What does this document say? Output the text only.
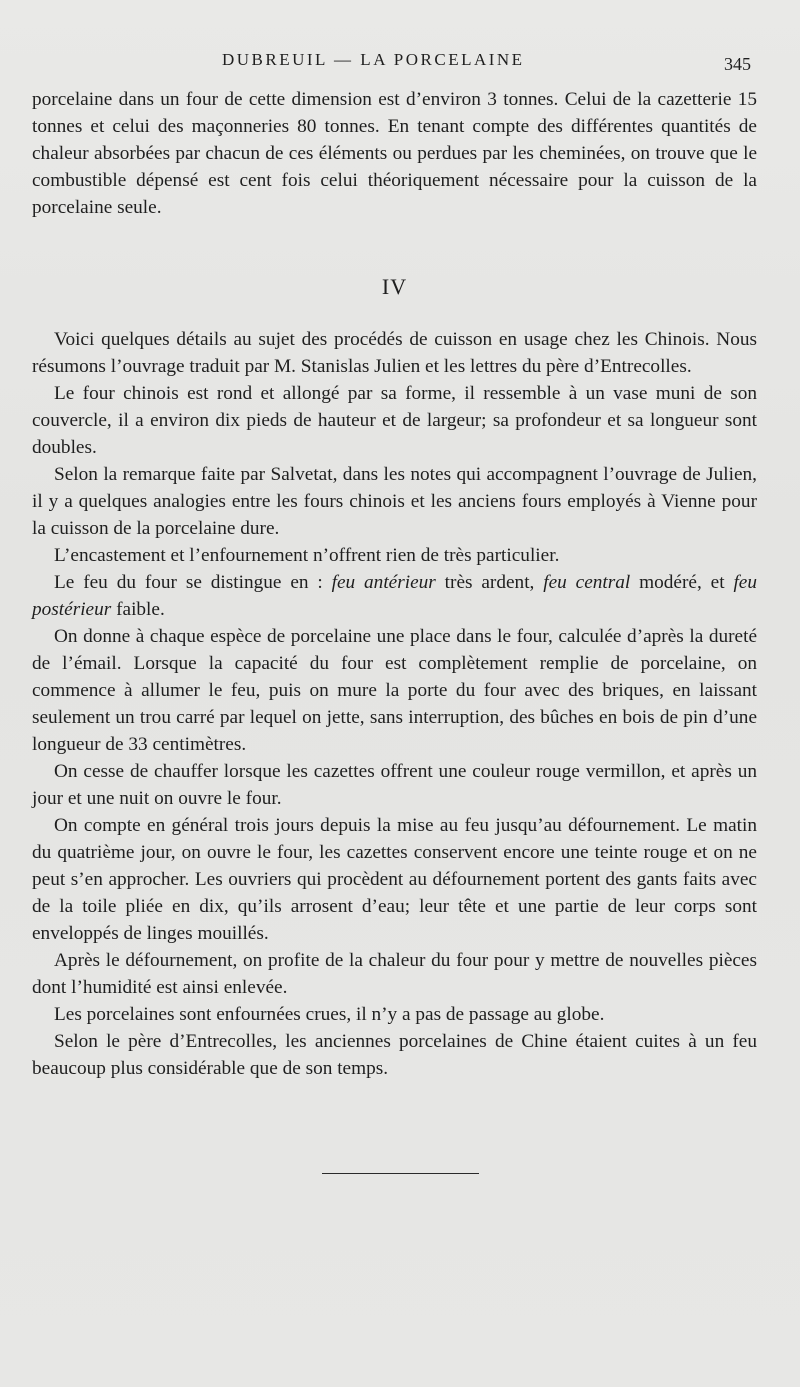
DUBREUIL — LA PORCELAINE	345

porcelaine dans un four de cette dimension est d’environ 3 tonnes. Celui de la cazetterie 15 tonnes et celui des maçonneries 80 tonnes. En tenant compte des différentes quantités de chaleur absorbées par chacun de ces éléments ou perdues par les cheminées, on trouve que le combustible dépensé est cent fois celui théoriquement nécessaire pour la cuisson de la porcelaine seule.

IV

Voici quelques détails au sujet des procédés de cuisson en usage chez les Chinois. Nous résumons l’ouvrage traduit par M. Stanislas Julien et les lettres du père d’Entrecolles.

Le four chinois est rond et allongé par sa forme, il ressemble à un vase muni de son couvercle, il a environ dix pieds de hauteur et de largeur; sa profondeur et sa longueur sont doubles.

Selon la remarque faite par Salvetat, dans les notes qui accompagnent l’ouvrage de Julien, il y a quelques analogies entre les fours chinois et les anciens fours employés à Vienne pour la cuisson de la porcelaine dure.

L’encastement et l’enfournement n’offrent rien de très particulier.

Le feu du four se distingue en : feu antérieur très ardent, feu central modéré, et feu postérieur faible.

On donne à chaque espèce de porcelaine une place dans le four, calculée d’après la dureté de l’émail. Lorsque la capacité du four est complètement remplie de porcelaine, on commence à allumer le feu, puis on mure la porte du four avec des briques, en laissant seulement un trou carré par lequel on jette, sans interruption, des bûches en bois de pin d’une longueur de 33 centimètres.

On cesse de chauffer lorsque les cazettes offrent une couleur rouge vermillon, et après un jour et une nuit on ouvre le four.

On compte en général trois jours depuis la mise au feu jusqu’au défournement. Le matin du quatrième jour, on ouvre le four, les cazettes conservent encore une teinte rouge et on ne peut s’en approcher. Les ouvriers qui procèdent au défournement portent des gants faits avec de la toile pliée en dix, qu’ils arrosent d’eau; leur tête et une partie de leur corps sont enveloppés de linges mouillés.

Après le défournement, on profite de la chaleur du four pour y mettre de nouvelles pièces dont l’humidité est ainsi enlevée.

Les porcelaines sont enfournées crues, il n’y a pas de passage au globe.

Selon le père d’Entrecolles, les anciennes porcelaines de Chine étaient cuites à un feu beaucoup plus considérable que de son temps.
